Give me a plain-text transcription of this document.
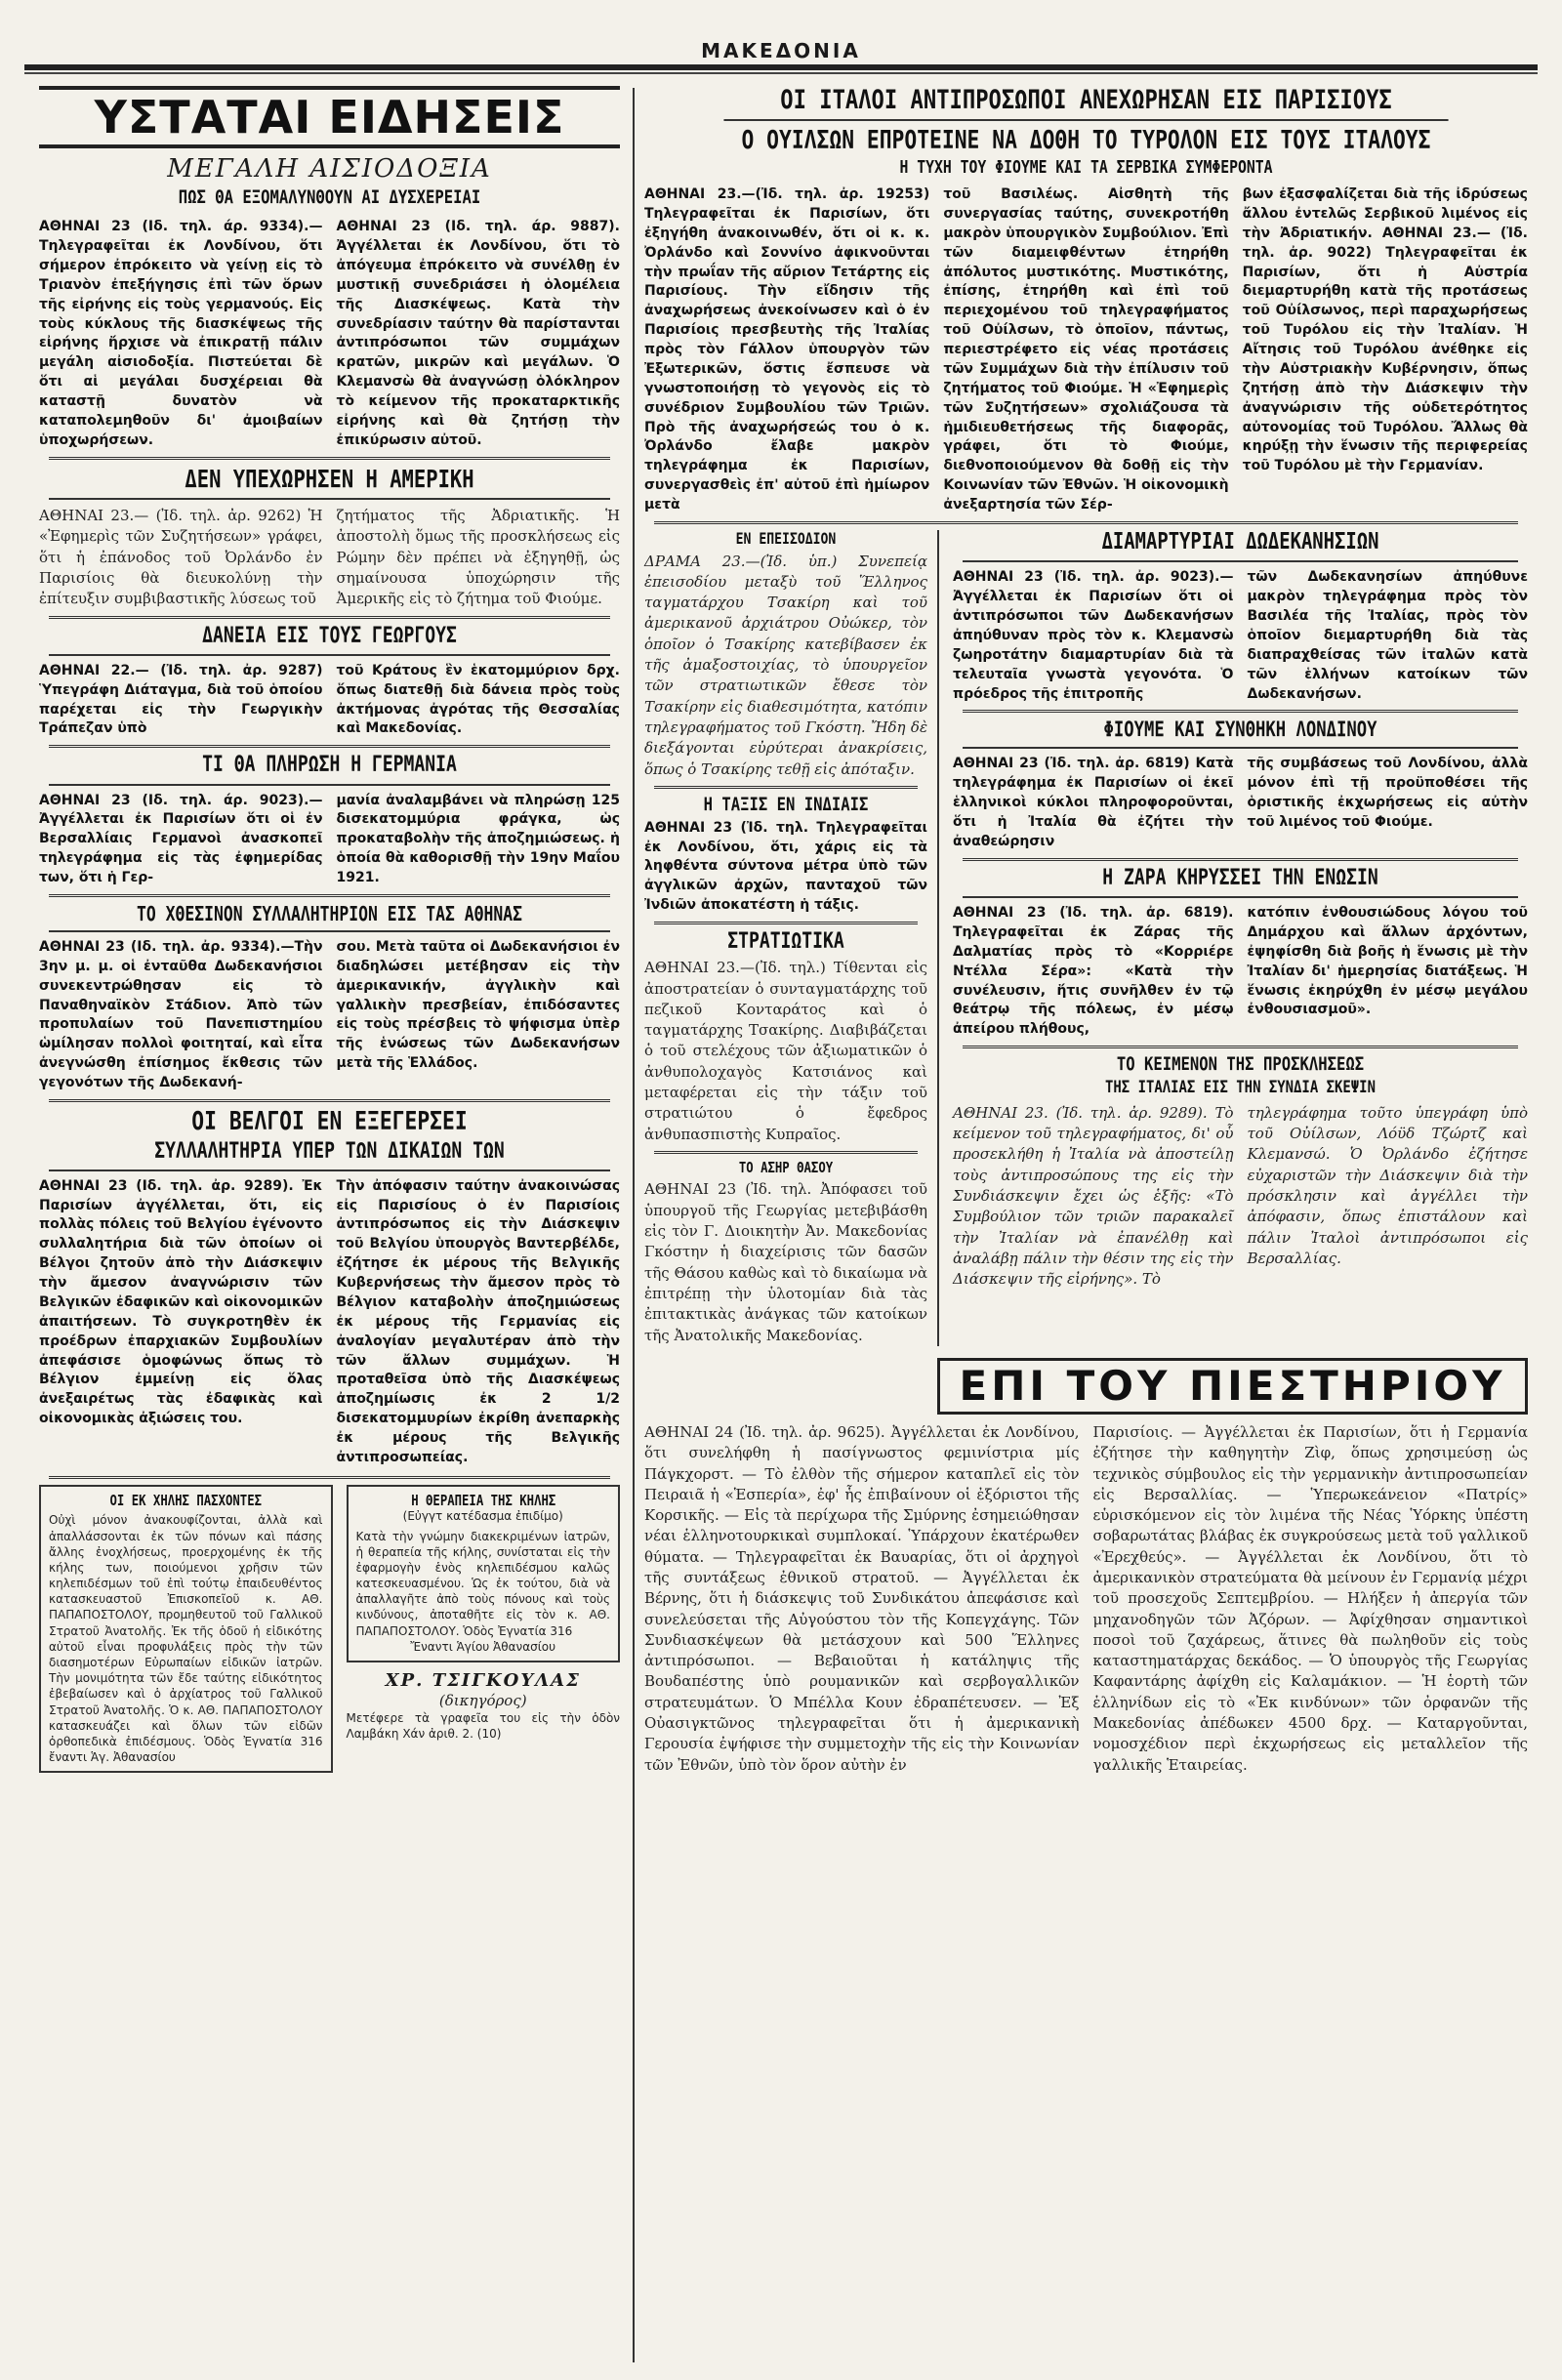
ΜΑΚΕΔΟΝΙΑ
ΥΣΤΑΤΑΙ ΕΙΔΗΣΕΙΣ
ΜΕΓΑΛΗ ΑΙΣΙΟΔΟΞΙΑ
ΠΩΣ ΘΑ ΕΞΟΜΑΛΥΝΘΟΥΝ ΑΙ ΔΥΣΧΕΡΕΙΑΙ

ΑΘΗΝΑΙ 23 (Ιδ. τηλ. άρ. 9334).—Τηλεγραφεῖται ἐκ Λονδίνου, ὅτι σήμερον ἐπρόκειτο νὰ γείνῃ εἰς τὸ Τριανὸν ἐπεξήγησις ἐπὶ τῶν ὅρων τῆς εἰρήνης εἰς τοὺς γερμανούς. Εἰς τοὺς κύκλους τῆς διασκέψεως τῆς εἰρήνης ἤρχισε νὰ ἐπικρατῇ πάλιν μεγάλη αἰσιοδοξία. Πιστεύεται δὲ ὅτι αἱ μεγάλαι δυσχέρειαι θὰ καταστῇ δυνατὸν νὰ καταπολεμηθοῦν δι' ἀμοιβαίων ὑποχωρήσεων.

ΑΘΗΝΑΙ 23 (Ιδ. τηλ. άρ. 9887). Ἀγγέλλεται ἐκ Λονδίνου, ὅτι τὸ ἀπόγευμα ἐπρόκειτο νὰ συνέλθῃ ἐν μυστικῇ συνεδριάσει ἡ ὁλομέλεια τῆς Διασκέψεως. Κατὰ τὴν συνεδρίασιν ταύτην θὰ παρίστανται ἀντιπρόσωποι τῶν συμμάχων κρατῶν, μικρῶν καὶ μεγάλων. Ὁ Κλεμανσὼ θὰ ἀναγνώσῃ ὁλόκληρον τὸ κείμενον τῆς προκαταρκτικῆς εἰρήνης καὶ θὰ ζητήσῃ τὴν ἐπικύρωσιν αὐτοῦ.

ΔΕΝ ΥΠΕΧΩΡΗΣΕΝ Η ΑΜΕΡΙΚΗ

ΑΘΗΝΑΙ 23.— (Ἰδ. τηλ. ἀρ. 9262) Ἡ «Ἐφημερὶς τῶν Συζητήσεων» γράφει, ὅτι ἡ ἐπάνοδος τοῦ Ὀρλάνδο ἐν Παρισίοις θὰ διευκολύνῃ τὴν ἐπίτευξιν συμβιβαστικῆς λύσεως τοῦ

ζητήματος τῆς Ἀδριατικῆς. Ἡ ἀποστολὴ ὅμως τῆς προσκλήσεως εἰς Ρώμην δὲν πρέπει νὰ ἐξηγηθῇ, ὡς σημαίνουσα ὑποχώρησιν τῆς Ἀμερικῆς εἰς τὸ ζήτημα τοῦ Φιούμε.

ΔΑΝΕΙΑ ΕΙΣ ΤΟΥΣ ΓΕΩΡΓΟΥΣ

ΑΘΗΝΑΙ 22.— (Ἰδ. τηλ. ἀρ. 9287) Ὑπεγράφη Διάταγμα, διὰ τοῦ ὁποίου παρέχεται εἰς τὴν Γεωργικὴν Τράπεζαν ὑπὸ

τοῦ Κράτους ἓν ἑκατομμύριον δρχ. ὅπως διατεθῇ διὰ δάνεια πρὸς τοὺς ἀκτήμονας ἀγρότας τῆς Θεσσαλίας καὶ Μακεδονίας.

ΤΙ ΘΑ ΠΛΗΡΩΣΗ Η ΓΕΡΜΑΝΙΑ

ΑΘΗΝΑΙ 23 (Ιδ. τηλ. άρ. 9023).—Ἀγγέλλεται ἐκ Παρισίων ὅτι οἱ ἐν Βερσαλλίαις Γερμανοὶ ἀνασκοπεῖ τηλεγράφημα εἰς τὰς ἐφημερίδας των, ὅτι ἡ Γερ-

μανία ἀναλαμβάνει νὰ πληρώσῃ 125 δισεκατομμύρια φράγκα, ὡς προκαταβολὴν τῆς ἀποζημιώσεως. ἡ ὁποία θὰ καθορισθῇ τὴν 19ην Μαΐου 1921.

ΤΟ ΧΘΕΣΙΝΟΝ ΣΥΛΛΑΛΗΤΗΡΙΟΝ ΕΙΣ ΤΑΣ ΑΘΗΝΑΣ

ΑΘΗΝΑΙ 23 (Ιδ. τηλ. ἀρ. 9334).—Τὴν 3ην μ. μ. οἱ ἐνταῦθα Δωδεκανήσιοι συνεκεντρώθησαν εἰς τὸ Παναθηναϊκὸν Στάδιον. Ἀπὸ τῶν προπυλαίων τοῦ Πανεπιστημίου ὡμίλησαν πολλοὶ φοιτηταί, καὶ εἶτα ἀνεγνώσθη ἐπίσημος ἔκθεσις τῶν γεγονότων τῆς Δωδεκανή-

σου. Μετὰ ταῦτα οἱ Δωδεκανήσιοι ἐν διαδηλώσει μετέβησαν εἰς τὴν ἀμερικανικήν, ἀγγλικὴν καὶ γαλλικὴν πρεσβείαν, ἐπιδόσαντες εἰς τοὺς πρέσβεις τὸ ψήφισμα ὑπὲρ τῆς ἑνώσεως τῶν Δωδεκανήσων μετὰ τῆς Ἑλλάδος.

ΟΙ ΒΕΛΓΟΙ ΕΝ ΕΞΕΓΕΡΣΕΙ
ΣΥΛΛΑΛΗΤΗΡΙΑ ΥΠΕΡ ΤΩΝ ΔΙΚΑΙΩΝ ΤΩΝ

ΑΘΗΝΑΙ 23 (Ιδ. τηλ. ἀρ. 9289). Ἐκ Παρισίων ἀγγέλλεται, ὅτι, εἰς πολλὰς πόλεις τοῦ Βελγίου ἐγένοντο συλλαλητήρια διὰ τῶν ὁποίων οἱ Βέλγοι ζητοῦν ἀπὸ τὴν Διάσκεψιν τὴν ἄμεσον ἀναγνώρισιν τῶν Βελγικῶν ἐδαφικῶν καὶ οἰκονομικῶν ἀπαιτήσεων. Τὸ συγκροτηθὲν ἐκ προέδρων ἐπαρχιακῶν Συμβουλίων ἀπεφάσισε ὁμοφώνως ὅπως τὸ Βέλγιον ἐμμείνῃ εἰς ὅλας ἀνεξαιρέτως τὰς ἐδαφικὰς καὶ οἰκονομικὰς ἀξιώσεις του.

Τὴν ἀπόφασιν ταύτην ἀνακοινώσας εἰς Παρισίους ὁ ἐν Παρισίοις ἀντιπρόσωπος εἰς τὴν Διάσκεψιν τοῦ Βελγίου ὑπουργὸς Βαντερβέλδε, ἐζήτησε ἐκ μέρους τῆς Βελγικῆς Κυβερνήσεως τὴν ἄμεσον πρὸς τὸ Βέλγιον καταβολὴν ἀποζημιώσεως ἐκ μέρους τῆς Γερμανίας εἰς ἀναλογίαν μεγαλυτέραν ἀπὸ τὴν τῶν ἄλλων συμμάχων. Ἡ προταθεῖσα ὑπὸ τῆς Διασκέψεως ἀποζημίωσις ἐκ 2 1/2 δισεκατομμυρίων ἐκρίθη ἀνεπαρκὴς ἐκ μέρους τῆς Βελγικῆς ἀντιπροσωπείας.

ΟΙ ΕΚ ΧΗΛΗΣ ΠΑΣΧΟΝΤΕΣ

Οὐχὶ μόνον ἀνακουφίζονται, ἀλλὰ καὶ ἀπαλλάσσονται ἐκ τῶν πόνων καὶ πάσης ἄλλης ἐνοχλήσεως, προερχομένης ἐκ τῆς κήλης των, ποιούμενοι χρῆσιν τῶν κηλεπιδέσμων τοῦ ἐπὶ τούτῳ ἐπαιδευθέντος κατασκευαστοῦ Ἐπισκοπεῖοῦ κ. ΑΘ. ΠΑΠΑΠΟΣΤΟΛΟΥ, προμηθευτοῦ τοῦ Γαλλικοῦ Στρατοῦ Ἀνατολῆς. Ἐκ τῆς ὁδοῦ ἡ εἰδικότης αὐτοῦ εἶναι προφυλάξεις πρὸς τὴν τῶν διασημοτέρων Εὐρωπαίων εἰδικῶν ἰατρῶν. Τὴν μονιμότητα τῶν ἔδε ταύτης εἰδικότητος ἐβεβαίωσεν καὶ ὁ ἀρχίατρος τοῦ Γαλλικοῦ Στρατοῦ Ἀνατολῆς. Ὁ κ. ΑΘ. ΠΑΠΑΠΟΣΤΟΛΟΥ κατασκευάζει καὶ ὅλων τῶν εἰδῶν ὀρθοπεδικὰ ἐπιδέσμους. Ὁδὸς Ἐγνατία 316 ἔναντι Ἁγ. Ἀθανασίου

Η ΘΕΡΑΠΕΙΑ ΤΗΣ ΚΗΛΗΣ
(Εὐγγτ κατέδασμα ἐπιδίμο)

Κατὰ τὴν γνώμην διακεκριμένων ἰατρῶν, ἡ θεραπεία τῆς κήλης, συνίσταται εἰς τὴν ἐφαρμογὴν ἑνὸς κηλεπιδέσμου καλῶς κατεσκευασμένου. Ὡς ἐκ τούτου, διὰ νὰ ἀπαλλαγῆτε ἀπὸ τοὺς πόνους καὶ τοὺς κινδύνους, ἀποταθῆτε εἰς τὸν κ. ΑΘ. ΠΑΠΑΠΟΣΤΟΛΟΥ. Ὁδὸς Ἐγνατία 316

Ἔναντι Ἁγίου Ἀθανασίου
ΧΡ. ΤΣΙΓΚΟΥΛΑΣ
(δικηγόρος)

Μετέφερε τὰ γραφεῖα του εἰς τὴν ὁδὸν Λαμβάκη Χάν ἀριθ. 2. (10)

ΟΙ ΙΤΑΛΟΙ ΑΝΤΙΠΡΟΣΩΠΟΙ ΑΝΕΧΩΡΗΣΑΝ ΕΙΣ ΠΑΡΙΣΙΟΥΣ
Ο ΟΥΙΛΣΩΝ ΕΠΡΟΤΕΙΝΕ ΝΑ ΔΟΘΗ ΤΟ ΤΥΡΟΛΟΝ ΕΙΣ ΤΟΥΣ ΙΤΑΛΟΥΣ
Η ΤΥΧΗ ΤΟΥ ΦΙΟΥΜΕ ΚΑΙ ΤΑ ΣΕΡΒΙΚΑ ΣΥΜΦΕΡΟΝΤΑ

ΑΘΗΝΑΙ 23.—(Ἰδ. τηλ. ἀρ. 19253) Τηλεγραφεῖται ἐκ Παρισίων, ὅτι ἐξηγήθη ἀνακοινωθέν, ὅτι οἱ κ. κ. Ὀρλάνδο καὶ Σοννίνο ἀφικνοῦνται τὴν πρωΐαν τῆς αὔριον Τετάρτης εἰς Παρισίους. Τὴν εἴδησιν τῆς ἀναχωρήσεως ἀνεκοίνωσεν καὶ ὁ ἐν Παρισίοις πρεσβευτὴς τῆς Ἰταλίας πρὸς τὸν Γάλλον ὑπουργὸν τῶν Ἐξωτερικῶν, ὅστις ἔσπευσε νὰ γνωστοποιήσῃ τὸ γεγονὸς εἰς τὸ συνέδριον Συμβουλίου τῶν Τριῶν. Πρὸ τῆς ἀναχωρήσεώς του ὁ κ. Ὀρλάνδο ἔλαβε μακρὸν τηλεγράφημα ἐκ Παρισίων, συνεργασθεὶς ἐπ' αὐτοῦ ἐπὶ ἡμίωρον μετὰ

τοῦ Βασιλέως. Αἰσθητὴ τῆς συνεργασίας ταύτης, συνεκροτήθη μακρὸν ὑπουργικὸν Συμβούλιον. Ἐπὶ τῶν διαμειφθέντων ἐτηρήθη ἀπόλυτος μυστικότης. Μυστικότης, ἐπίσης, ἐτηρήθη καὶ ἐπὶ τοῦ περιεχομένου τοῦ τηλεγραφήματος τοῦ Οὐίλσων, τὸ ὁποῖον, πάντως, περιεστρέφετο εἰς νέας προτάσεις τῶν Συμμάχων διὰ τὴν ἐπίλυσιν τοῦ ζητήματος τοῦ Φιούμε. Ἡ «Ἐφημερὶς τῶν Συζητήσεων» σχολιάζουσα τὰ ἡμιδιευθετήσεως τῆς διαφορᾶς, γράφει, ὅτι τὸ Φιούμε, διεθνοποιούμενον θὰ δοθῇ εἰς τὴν Κοινωνίαν τῶν Ἐθνῶν. Ἡ οἰκονομικὴ ἀνεξαρτησία τῶν Σέρ-

βων ἐξασφαλίζεται διὰ τῆς ἰδρύσεως ἄλλου ἐντελῶς Σερβικοῦ λιμένος εἰς τὴν Ἀδριατικήν. ΑΘΗΝΑΙ 23.— (Ἰδ. τηλ. ἀρ. 9022) Τηλεγραφεῖται ἐκ Παρισίων, ὅτι ἡ Αὐστρία διεμαρτυρήθη κατὰ τῆς προτάσεως τοῦ Οὐίλσωνος, περὶ παραχωρήσεως τοῦ Τυρόλου εἰς τὴν Ἰταλίαν. Ἡ Αἴτησις τοῦ Τυρόλου ἀνέθηκε εἰς τὴν Αὐστριακὴν Κυβέρνησιν, ὅπως ζητήσῃ ἀπὸ τὴν Διάσκεψιν τὴν ἀναγνώρισιν τῆς οὐδετερότητος αὐτονομίας τοῦ Τυρόλου. Ἄλλως θὰ κηρύξῃ τὴν ἕνωσιν τῆς περιφερείας τοῦ Τυρόλου μὲ τὴν Γερμανίαν.

ΕΝ ΕΠΕΙΣΟΔΙΟΝ

ΔΡΑΜΑ 23.—(Ἰδ. ὑπ.) Συνεπείᾳ ἐπεισοδίου μεταξὺ τοῦ Ἕλληνος ταγματάρχου Τσακίρη καὶ τοῦ ἀμερικανοῦ ἀρχιάτρου Οὐώκερ, τὸν ὁποῖον ὁ Τσακίρης κατεβίβασεν ἐκ τῆς ἀμαξοστοιχίας, τὸ ὑπουργεῖον τῶν στρατιωτικῶν ἔθεσε τὸν Τσακίρην εἰς διαθεσιμότητα, κατόπιν τηλεγραφήματος τοῦ Γκόστη. Ἤδη δὲ διεξάγονται εὐρύτεραι ἀνακρίσεις, ὅπως ὁ Τσακίρης τεθῇ εἰς ἀπόταξιν.

Η ΤΑΞΙΣ ΕΝ ΙΝΔΙΑΙΣ

ΑΘΗΝΑΙ 23 (Ἰδ. τηλ. Τηλεγραφεῖται ἐκ Λονδίνου, ὅτι, χάρις εἰς τὰ ληφθέντα σύντονα μέτρα ὑπὸ τῶν ἀγγλικῶν ἀρχῶν, πανταχοῦ τῶν Ἰνδιῶν ἀποκατέστη ἡ τάξις.

ΣΤΡΑΤΙΩΤΙΚΑ

ΑΘΗΝΑΙ 23.—(Ἰδ. τηλ.) Τίθενται εἰς ἀποστρατείαν ὁ συνταγματάρχης τοῦ πεζικοῦ Κονταράτος καὶ ὁ ταγματάρχης Τσακίρης. Διαβιβάζεται ὁ τοῦ στελέχους τῶν ἀξιωματικῶν ὁ ἀνθυπολοχαγὸς Κατσιάνος καὶ μεταφέρεται εἰς τὴν τάξιν τοῦ στρατιώτου ὁ ἔφεδρος ἀνθυπασπιστὴς Κυπραῖος.

ΤΟ ΑΣΗΡ ΘΑΣΟΥ

ΑΘΗΝΑΙ 23 (Ἰδ. τηλ. Ἀπόφασει τοῦ ὑπουργοῦ τῆς Γεωργίας μετεβιβάσθη εἰς τὸν Γ. Διοικητὴν Ἀν. Μακεδονίας Γκόστην ἡ διαχείρισις τῶν δασῶν τῆς Θάσου καθὼς καὶ τὸ δικαίωμα νὰ ἐπιτρέπῃ τὴν ὑλοτομίαν διὰ τὰς ἐπιτακτικὰς ἀνάγκας τῶν κατοίκων τῆς Ἀνατολικῆς Μακεδονίας.

ΔΙΑΜΑΡΤΥΡΙΑΙ ΔΩΔΕΚΑΝΗΣΙΩΝ

ΑΘΗΝΑΙ 23 (Ἰδ. τηλ. ἀρ. 9023).— Ἀγγέλλεται ἐκ Παρισίων ὅτι οἱ ἀντιπρόσωποι τῶν Δωδεκανήσων ἀπηύθυναν πρὸς τὸν κ. Κλεμανσὼ ζωηροτάτην διαμαρτυρίαν διὰ τὰ τελευταῖα γνωστὰ γεγονότα. Ὁ πρόεδρος τῆς ἐπιτροπῆς

τῶν Δωδεκανησίων ἀπηύθυνε μακρὸν τηλεγράφημα πρὸς τὸν Βασιλέα τῆς Ἰταλίας, πρὸς τὸν ὁποῖον διεμαρτυρήθη διὰ τὰς διαπραχθείσας τῶν ἰταλῶν κατὰ τῶν ἑλλήνων κατοίκων τῶν Δωδεκανήσων.

ΦΙΟΥΜΕ ΚΑΙ ΣΥΝΘΗΚΗ ΛΟΝΔΙΝΟΥ

ΑΘΗΝΑΙ 23 (Ἰδ. τηλ. ἀρ. 6819) Κατὰ τηλεγράφημα ἐκ Παρισίων οἱ ἐκεῖ ἑλληνικοὶ κύκλοι πληροφοροῦνται, ὅτι ἡ Ἰταλία θὰ ἐζήτει τὴν ἀναθεώρησιν

τῆς συμβάσεως τοῦ Λονδίνου, ἀλλὰ μόνον ἐπὶ τῇ προϋποθέσει τῆς ὁριστικῆς ἐκχωρήσεως εἰς αὐτὴν τοῦ λιμένος τοῦ Φιούμε.

Η ΖΑΡΑ ΚΗΡΥΣΣΕΙ ΤΗΝ ΕΝΩΣΙΝ

ΑΘΗΝΑΙ 23 (Ἰδ. τηλ. ἀρ. 6819). Τηλεγραφεῖται ἐκ Ζάρας τῆς Δαλματίας πρὸς τὸ «Κορριέρε Ντέλλα Σέρα»: «Κατὰ τὴν συνέλευσιν, ἥτις συνῆλθεν ἐν τῷ θεάτρῳ τῆς πόλεως, ἐν μέσῳ ἀπείρου πλήθους,

κατόπιν ἐνθουσιώδους λόγου τοῦ Δημάρχου καὶ ἄλλων ἀρχόντων, ἐψηφίσθη διὰ βοῆς ἡ ἕνωσις μὲ τὴν Ἰταλίαν δι' ἡμερησίας διατάξεως. Ἡ ἕνωσις ἐκηρύχθη ἐν μέσῳ μεγάλου ἐνθουσιασμοῦ».

ΤΟ ΚΕΙΜΕΝΟΝ ΤΗΣ ΠΡΟΣΚΛΗΣΕΩΣ
ΤΗΣ ΙΤΑΛΙΑΣ ΕΙΣ ΤΗΝ ΣΥΝΔΙΑ ΣΚΕΨΙΝ

ΑΘΗΝΑΙ 23. (Ἰδ. τηλ. ἀρ. 9289). Τὸ κείμενον τοῦ τηλεγραφήματος, δι' οὗ προσεκλήθη ἡ Ἰταλία νὰ ἀποστείλῃ τοὺς ἀντιπροσώπους της εἰς τὴν Συνδιάσκεψιν ἔχει ὡς ἑξῆς: «Τὸ Συμβούλιον τῶν τριῶν παρακαλεῖ τὴν Ἰταλίαν νὰ ἐπανέλθῃ καὶ ἀναλάβῃ πάλιν τὴν θέσιν της εἰς τὴν Διάσκεψιν τῆς εἰρήνης». Τὸ

τηλεγράφημα τοῦτο ὑπεγράφη ὑπὸ τοῦ Οὐίλσων, Λόϋδ Τζώρτζ καὶ Κλεμανσώ. Ὁ Ὀρλάνδο ἐζήτησε εὐχαριστῶν τὴν Διάσκεψιν διὰ τὴν πρόσκλησιν καὶ ἀγγέλλει τὴν ἀπόφασιν, ὅπως ἐπιστάλουν καὶ πάλιν Ἰταλοὶ ἀντιπρόσωποι εἰς Βερσαλλίας.

ΕΠΙ ΤΟΥ ΠΙΕΣΤΗΡΙΟΥ

ΑΘΗΝΑΙ 24 (Ἰδ. τηλ. ἀρ. 9625). Ἀγγέλλεται ἐκ Λονδίνου, ὅτι συνελήφθη ἡ πασίγνωστος φεμινίστρια μίς Πάγκχορστ. — Τὸ ἐλθὸν τῆς σήμερον καταπλεῖ εἰς τὸν Πειραιᾶ ἡ «Ἑσπερία», ἐφ' ἧς ἐπιβαίνουν οἱ ἐξόριστοι τῆς Κορσικῆς. — Εἰς τὰ περίχωρα τῆς Σμύρνης ἐσημειώθησαν νέαι ἑλληνοτουρκικαὶ συμπλοκαί. Ὑπάρχουν ἑκατέρωθεν θύματα. — Τηλεγραφεῖται ἐκ Βαυαρίας, ὅτι οἱ ἀρχηγοὶ τῆς συντάξεως ἐθνικοῦ στρατοῦ. — Ἀγγέλλεται ἐκ Βέρνης, ὅτι ἡ διάσκεψις τοῦ Συνδικάτου ἀπεφάσισε καὶ συνελεύσεται τῆς Αὐγούστου τὸν τῆς Κοπεγχάγης. Τῶν Συνδιασκέψεων θὰ μετάσχουν καὶ 500 Ἕλληνες ἀντιπρόσωποι. — Βεβαιοῦται ἡ κατάληψις τῆς Βουδαπέστης ὑπὸ ρουμανικῶν καὶ σερβογαλλικῶν στρατευμάτων. Ὁ Μπέλλα Κουν ἐδραπέτευσεν. — Ἐξ Οὐασιγκτῶνος τηλεγραφεῖται ὅτι ἡ ἀμερικανικὴ Γερουσία ἐψήφισε τὴν συμμετοχὴν τῆς εἰς τὴν Κοινωνίαν τῶν Ἐθνῶν, ὑπὸ τὸν ὅρον αὐτὴν ἐν

Παρισίοις. — Ἀγγέλλεται ἐκ Παρισίων, ὅτι ἡ Γερμανία ἐζήτησε τὴν καθηγητὴν Ζὶφ, ὅπως χρησιμεύσῃ ὡς τεχνικὸς σύμβουλος εἰς τὴν γερμανικὴν ἀντιπροσωπείαν εἰς Βερσαλλίας. — Ὑπερωκεάνειον «Πατρίς» εὑρισκόμενον εἰς τὸν λιμένα τῆς Νέας Ὑόρκης ὑπέστη σοβαρωτάτας βλάβας ἐκ συγκρούσεως μετὰ τοῦ γαλλικοῦ «Ἐρεχθεύς». — Ἀγγέλλεται ἐκ Λονδίνου, ὅτι τὸ ἀμερικανικὸν στρατεύματα θὰ μείνουν ἐν Γερμανίᾳ μέχρι τοῦ προσεχοῦς Σεπτεμβρίου. — Ηλήξεν ἡ ἀπεργία τῶν μηχανοδηγῶν τῶν Ἀζόρων. — Ἀφίχθησαν σημαντικοὶ ποσοὶ τοῦ ζαχάρεως, ἅτινες θὰ πωληθοῦν εἰς τοὺς καταστηματάρχας δεκάδος. — Ὁ ὑπουργὸς τῆς Γεωργίας Καφαντάρης ἀφίχθη εἰς Καλαμάκιον. — Ἡ ἑορτὴ τῶν ἑλληνίδων εἰς τὸ «Ἐκ κινδύνων» τῶν ὀρφανῶν τῆς Μακεδονίας ἀπέδωκεν 4500 δρχ. — Καταργοῦνται, νομοσχέδιον περὶ ἐκχωρήσεως εἰς μεταλλεῖον τῆς γαλλικῆς Ἑταιρείας.
